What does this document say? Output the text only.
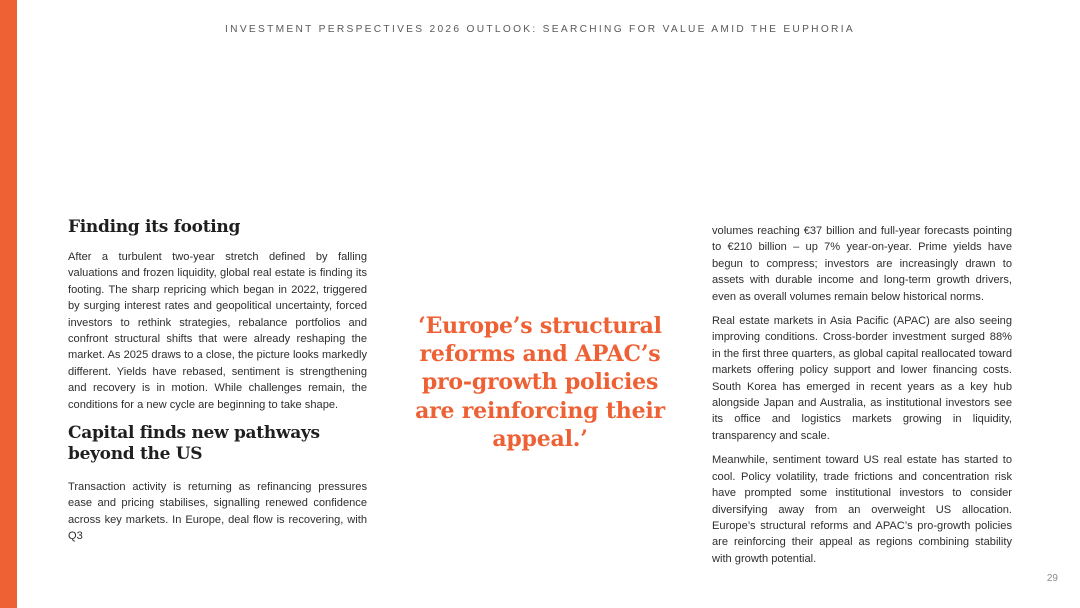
INVESTMENT PERSPECTIVES 2026 OUTLOOK: SEARCHING FOR VALUE AMID THE EUPHORIA
Finding its footing

After a turbulent two-year stretch defined by falling valuations and frozen liquidity, global real estate is finding its footing. The sharp repricing which began in 2022, triggered by surging interest rates and geopolitical uncertainty, forced investors to rethink strategies, rebalance portfolios and confront structural shifts that were already reshaping the market. As 2025 draws to a close, the picture looks markedly different. Yields have rebased, sentiment is strengthening and recovery is in motion. While challenges remain, the conditions for a new cycle are beginning to take shape.

Capital finds new pathways beyond the US

Transaction activity is returning as refinancing pressures ease and pricing stabilises, signalling renewed confidence across key markets. In Europe, deal flow is recovering, with Q3

‘Europe’s structural reforms and APAC’s pro-growth policies are reinforcing their appeal.’

volumes reaching €37 billion and full-year forecasts pointing to €210 billion – up 7% year-on-year. Prime yields have begun to compress; investors are increasingly drawn to assets with durable income and long-term growth drivers, even as overall volumes remain below historical norms.

Real estate markets in Asia Pacific (APAC) are also seeing improving conditions. Cross-border investment surged 88% in the first three quarters, as global capital reallocated toward markets offering policy support and lower financing costs. South Korea has emerged in recent years as a key hub alongside Japan and Australia, as institutional investors see its office and logistics markets growing in liquidity, transparency and scale.

Meanwhile, sentiment toward US real estate has started to cool. Policy volatility, trade frictions and concentration risk have prompted some institutional investors to consider diversifying away from an overweight US allocation. Europe’s structural reforms and APAC’s pro-growth policies are reinforcing their appeal as regions combining stability with growth potential.

29
